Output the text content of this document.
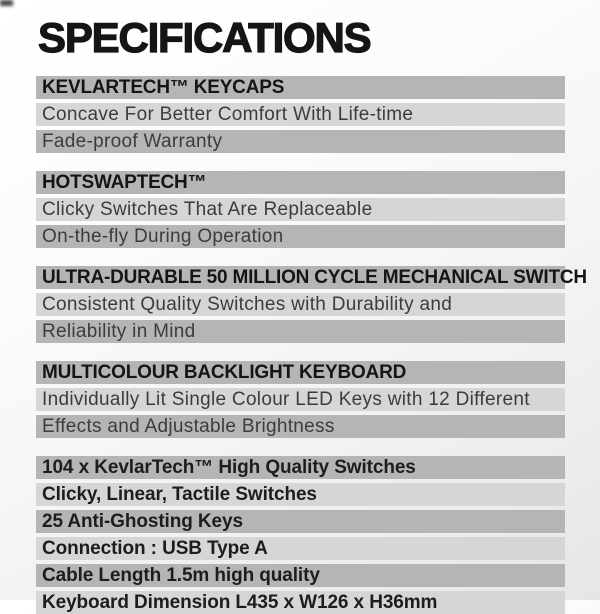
SPECIFICATIONS
KEVLARTECH™ KEYCAPS
Concave For Better Comfort With Life-time
Fade-proof Warranty
HOTSWAPTECH™
Clicky Switches That Are Replaceable
On-the-fly During Operation
ULTRA-DURABLE 50 MILLION CYCLE MECHANICAL SWITCH
Consistent Quality Switches with Durability and
Reliability in Mind
MULTICOLOUR BACKLIGHT KEYBOARD
Individually Lit Single Colour LED Keys with 12 Different
Effects and Adjustable Brightness
104 x KevlarTech™ High Quality Switches
Clicky, Linear, Tactile Switches
25 Anti-Ghosting Keys
Connection : USB Type A
Cable Length 1.5m high quality
Keyboard Dimension L435 x W126 x H36mm
